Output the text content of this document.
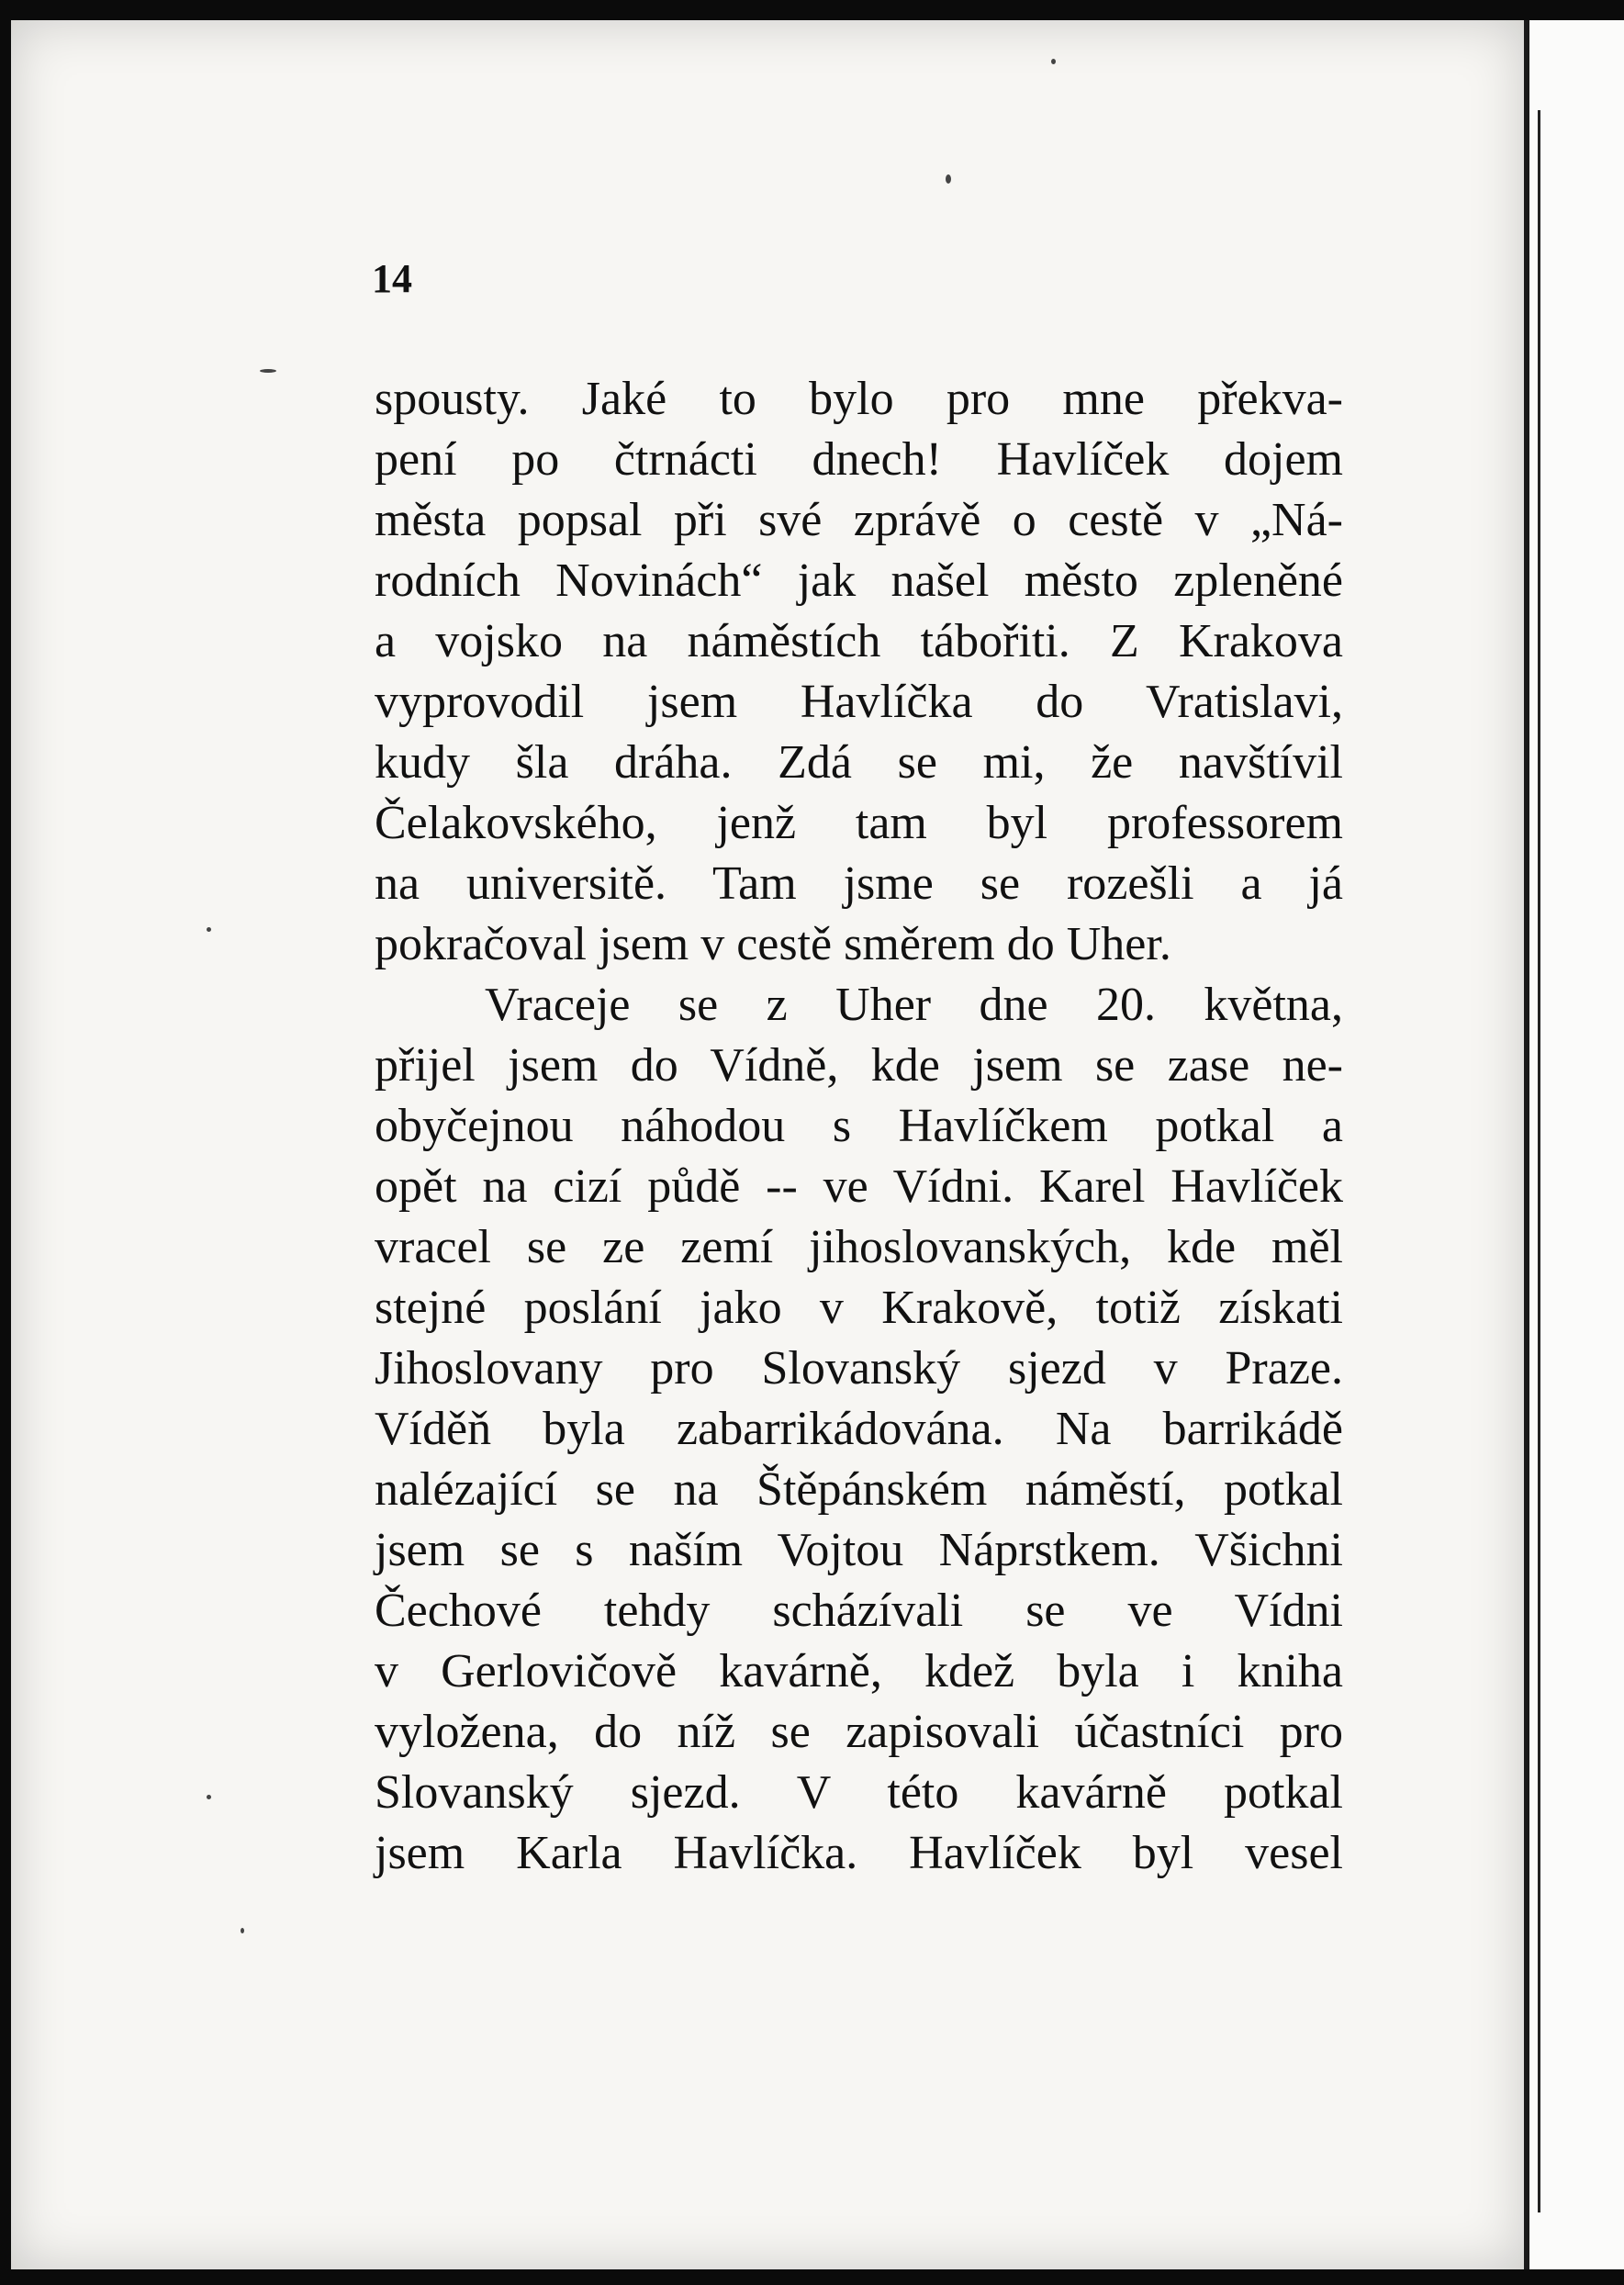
14
spousty. Jaké to bylo pro mne překva-
pení po čtrnácti dnech! Havlíček dojem
města popsal při své zprávě o cestě v „Ná-
rodních Novinách“ jak našel město zpleněné
a vojsko na náměstích tábořiti. Z Krakova
vyprovodil jsem Havlíčka do Vratislavi,
kudy šla dráha. Zdá se mi, že navštívil
Čelakovského, jenž tam byl professorem
na universitě. Tam jsme se rozešli a já
pokračoval jsem v cestě směrem do Uher.
Vraceje se z Uher dne 20. května,
přijel jsem do Vídně, kde jsem se zase ne-
obyčejnou náhodou s Havlíčkem potkal a
opět na cizí půdě -- ve Vídni. Karel Havlíček
vracel se ze zemí jihoslovanských, kde měl
stejné poslání jako v Krakově, totiž získati
Jihoslovany pro Slovanský sjezd v Praze.
Víděň byla zabarrikádována. Na barrikádě
nalézající se na Štěpánském náměstí, potkal
jsem se s naším Vojtou Náprstkem. Všichni
Čechové tehdy scházívali se ve Vídni
v Gerlovičově kavárně, kdež byla i kniha
vyložena, do níž se zapisovali účastníci pro
Slovanský sjezd. V této kavárně potkal
jsem Karla Havlíčka. Havlíček byl vesel
